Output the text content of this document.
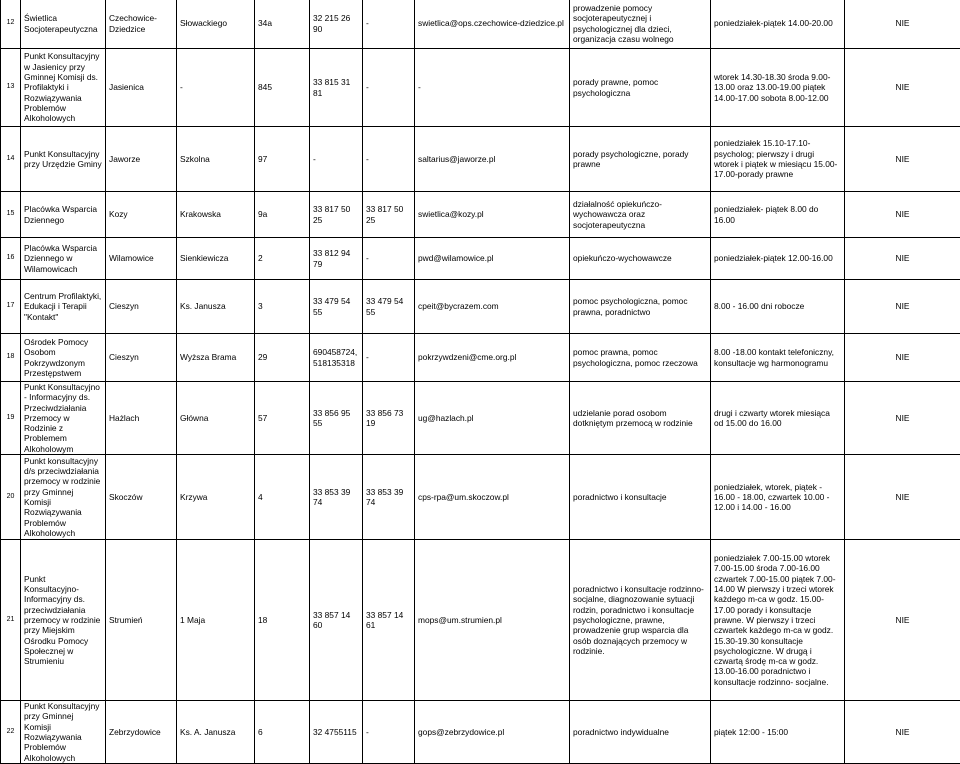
12	Świetlica Socjoterapeutyczna	Czechowice-Dziedzice	Słowackiego	34a	32 215 26 90	-	swietlica@ops.czechowice-dziedzice.pl	prowadzenie pomocy socjoterapeutycznej i psychologicznej dla dzieci, organizacja czasu wolnego	poniedziałek-piątek 14.00-20.00	NIE
13	Punkt Konsultacyjny w Jasienicy przy Gminnej Komisji ds. Profilaktyki i Rozwiązywania Problemów Alkoholowych	Jasienica	-	845	33 815 31 81	-	-	porady prawne, pomoc psychologiczna	wtorek 14.30-18.30 środa 9.00-13.00 oraz 13.00-19.00 piątek 14.00-17.00 sobota 8.00-12.00	NIE
14	Punkt Konsultacyjny przy Urzędzie Gminy	Jaworze	Szkolna	97	-	-	saltarius@jaworze.pl	porady psychologiczne, porady prawne	poniedziałek 15.10-17.10-psycholog; pierwszy i drugi wtorek i piątek w miesiącu 15.00-17.00-porady prawne	NIE
15	Placówka Wsparcia Dziennego	Kozy	Krakowska	9a	33 817 50 25	33 817 50 25	swietlica@kozy.pl	działalność opiekuńczo-wychowawcza oraz socjoterapeutyczna	poniedziałek- piątek 8.00 do 16.00	NIE
16	Placówka Wsparcia Dziennego w Wilamowicach	Wilamowice	Sienkiewicza	2	33 812 94 79	-	pwd@wilamowice.pl	opiekuńczo-wychowawcze	poniedziałek-piątek 12.00-16.00	NIE
17	Centrum Profilaktyki, Edukacji i Terapii "Kontakt"	Cieszyn	Ks. Janusza	3	33 479 54 55	33 479 54 55	cpeit@bycrazem.com	pomoc psychologiczna, pomoc prawna, poradnictwo	8.00 - 16.00 dni robocze	NIE
18	Ośrodek Pomocy Osobom Pokrzywdzonym Przestępstwem	Cieszyn	Wyższa Brama	29	690458724, 518135318	-	pokrzywdzeni@cme.org.pl	pomoc prawna, pomoc psychologiczna, pomoc rzeczowa	8.00 -18.00 kontakt telefoniczny, konsultacje wg harmonogramu	NIE
19	Punkt Konsultacyjno - Informacyjny ds. Przeciwdziałania Przemocy w Rodzinie z Problemem Alkoholowym	Hażlach	Główna	57	33 856 95 55	33 856 73 19	ug@hazlach.pl	udzielanie porad osobom dotkniętym przemocą w rodzinie	drugi i czwarty wtorek miesiąca od 15.00 do 16.00	NIE
20	Punkt konsultacyjny d/s przeciwdziałania przemocy w rodzinie przy Gminnej Komisji Rozwiązywania Problemów Alkoholowych	Skoczów	Krzywa	4	33 853 39 74	33 853 39 74	cps-rpa@um.skoczow.pl	poradnictwo i konsultacje	poniedziałek, wtorek, piątek - 16.00 - 18.00, czwartek 10.00 - 12.00 i 14.00 - 16.00	NIE
21	Punkt Konsultacyjno-Informacyjny ds. przeciwdziałania przemocy w rodzinie przy Miejskim Ośrodku Pomocy Społecznej w Strumieniu	Strumień	1 Maja	18	33 857 14 60	33 857 14 61	mops@um.strumien.pl	poradnictwo i konsultacje rodzinno-socjalne, diagnozowanie sytuacji rodzin, poradnictwo i konsultacje psychologiczne, prawne, prowadzenie grup wsparcia dla osób doznających przemocy w rodzinie.	poniedziałek 7.00-15.00 wtorek 7.00-15.00 środa 7.00-16.00 czwartek 7.00-15.00 piątek 7.00-14.00 W pierwszy i trzeci wtorek każdego m-ca w godz. 15.00-17.00 porady i konsultacje prawne. W pierwszy i trzeci czwartek każdego m-ca w godz. 15.30-19.30 konsultacje psychologiczne. W drugą i czwartą środę m-ca w godz. 13.00-16.00 poradnictwo i konsultacje rodzinno- socjalne.	NIE
22	Punkt Konsultacyjny przy Gminnej Komisji Rozwiązywania Problemów Alkoholowych	Zebrzydowice	Ks. A. Janusza	6	32 4755115	-	gops@zebrzydowice.pl	poradnictwo indywidualne	piątek 12:00 - 15:00	NIE
